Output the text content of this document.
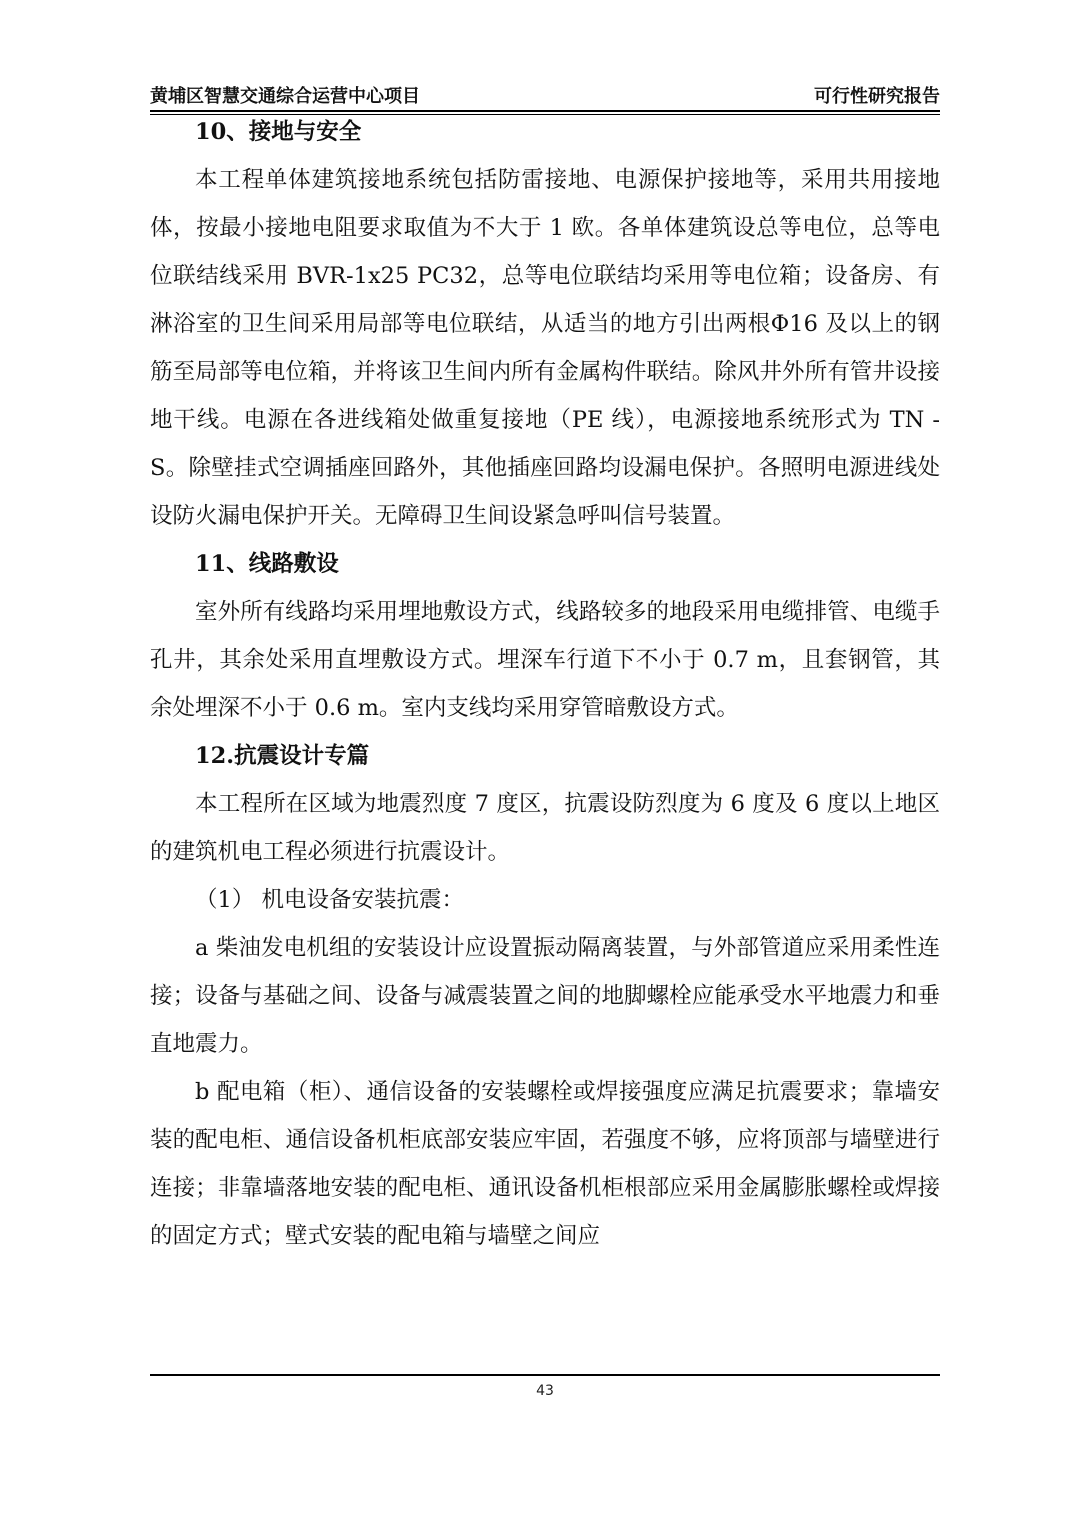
黄埔区智慧交通综合运营中心项目	可行性研究报告
10、接地与安全

本工程单体建筑接地系统包括防雷接地、电源保护接地等，采用共用接地体，按最小接地电阻要求取值为不大于 1 欧。各单体建筑设总等电位，总等电位联结线采用 BVR-1x25 PC32，总等电位联结均采用等电位箱；设备房、有淋浴室的卫生间采用局部等电位联结，从适当的地方引出两根Φ16 及以上的钢筋至局部等电位箱，并将该卫生间内所有金属构件联结。除风井外所有管井设接地干线。电源在各进线箱处做重复接地（PE 线），电源接地系统形式为 TN -S。除壁挂式空调插座回路外，其他插座回路均设漏电保护。各照明电源进线处设防火漏电保护开关。无障碍卫生间设紧急呼叫信号装置。

11、线路敷设

室外所有线路均采用埋地敷设方式，线路较多的地段采用电缆排管、电缆手孔井，其余处采用直埋敷设方式。埋深车行道下不小于 0.7 m，且套钢管，其余处埋深不小于 0.6 m。室内支线均采用穿管暗敷设方式。

12.抗震设计专篇

本工程所在区域为地震烈度 7 度区，抗震设防烈度为 6 度及 6 度以上地区的建筑机电工程必须进行抗震设计。

（1） 机电设备安装抗震：

a 柴油发电机组的安装设计应设置振动隔离装置，与外部管道应采用柔性连接；设备与基础之间、设备与减震装置之间的地脚螺栓应能承受水平地震力和垂直地震力。

b 配电箱（柜）、通信设备的安装螺栓或焊接强度应满足抗震要求；靠墙安装的配电柜、通信设备机柜底部安装应牢固，若强度不够，应将顶部与墙壁进行连接；非靠墙落地安装的配电柜、通讯设备机柜根部应采用金属膨胀螺栓或焊接的固定方式；壁式安装的配电箱与墙壁之间应

43
